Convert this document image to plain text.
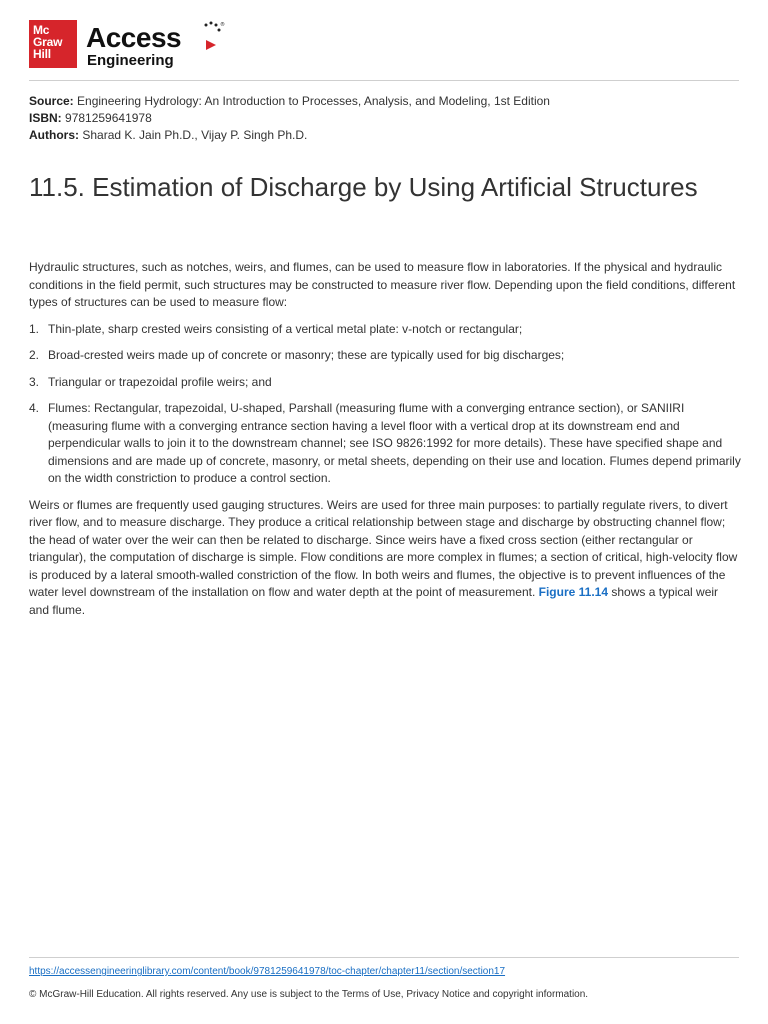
Mc
Graw
Hill
Access
Engineering
®
Source: Engineering Hydrology: An Introduction to Processes, Analysis, and Modeling, 1st Edition
ISBN: 9781259641978
Authors: Sharad K. Jain Ph.D., Vijay P. Singh Ph.D.
11.5. Estimation of Discharge by Using Artificial Structures

Hydraulic structures, such as notches, weirs, and flumes, can be used to measure flow in laboratories. If the physical and hydraulic conditions in the field permit, such structures may be constructed to measure river flow. Depending upon the field conditions, different types of structures can be used to measure flow:

1. Thin-plate, sharp crested weirs consisting of a vertical metal plate: v-notch or rectangular;
2. Broad-crested weirs made up of concrete or masonry; these are typically used for big discharges;
3. Triangular or trapezoidal profile weirs; and
4. Flumes: Rectangular, trapezoidal, U-shaped, Parshall (measuring flume with a converging entrance section), or SANIIRI (measuring flume with a converging entrance section having a level floor with a vertical drop at its downstream end and perpendicular walls to join it to the downstream channel; see ISO 9826:1992 for more details). These have specified shape and dimensions and are made up of concrete, masonry, or metal sheets, depending on their use and location. Flumes depend primarily on the width constriction to produce a control section.

Weirs or flumes are frequently used gauging structures. Weirs are used for three main purposes: to partially regulate rivers, to divert river flow, and to measure discharge. They produce a critical relationship between stage and discharge by obstructing channel flow; the head of water over the weir can then be related to discharge. Since weirs have a fixed cross section (either rectangular or triangular), the computation of discharge is simple. Flow conditions are more complex in flumes; a section of critical, high-velocity flow is produced by a lateral smooth-walled constriction of the flow. In both weirs and flumes, the objective is to prevent influences of the water level downstream of the installation on flow and water depth at the point of measurement. Figure 11.14 shows a typical weir and flume.

https://accessengineeringlibrary.com/content/book/9781259641978/toc-chapter/chapter11/section/section17
© McGraw-Hill Education. All rights reserved. Any use is subject to the Terms of Use, Privacy Notice and copyright information.
